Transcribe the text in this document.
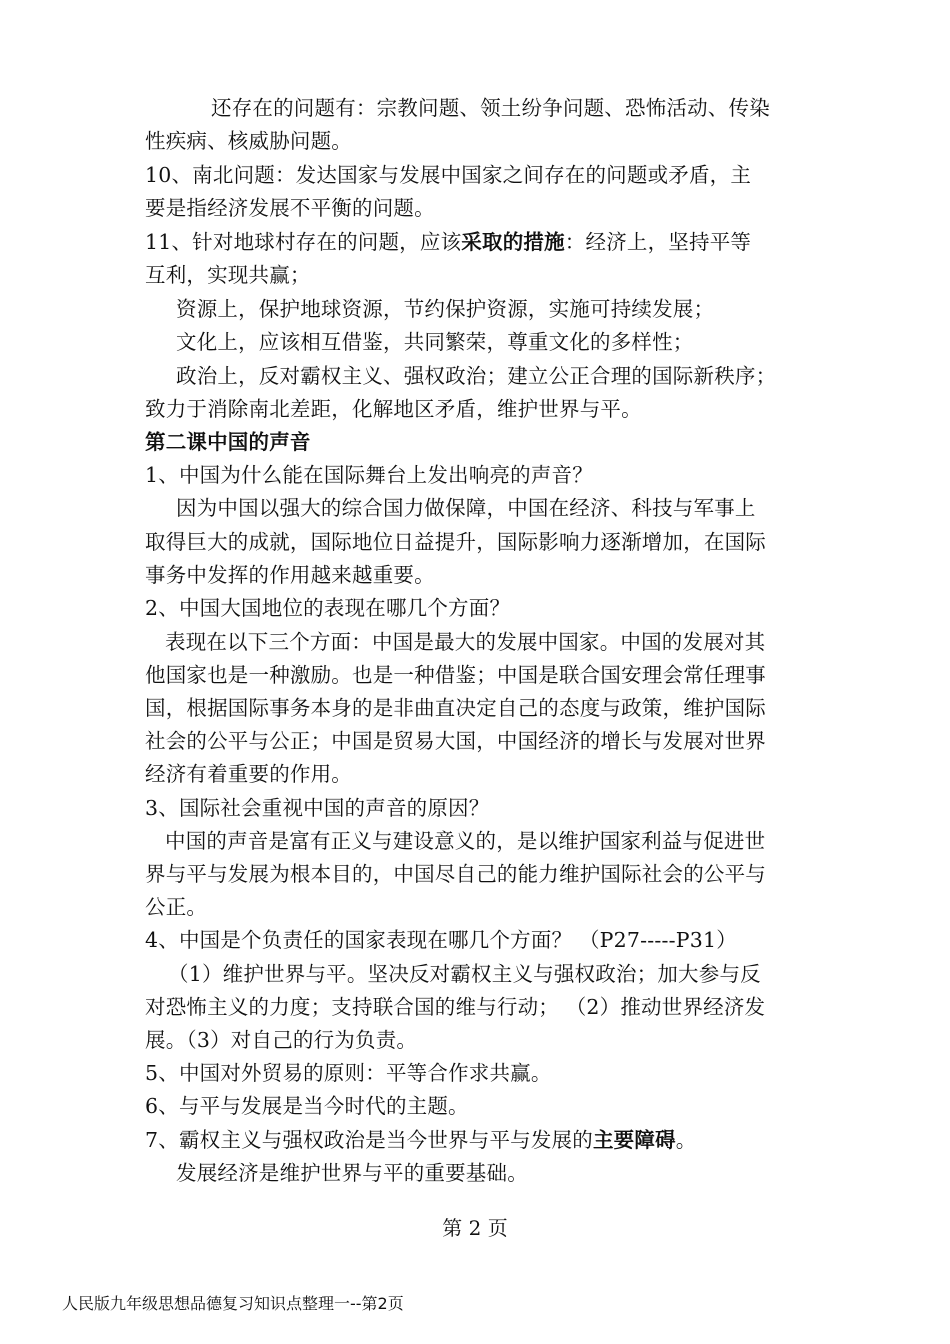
还存在的问题有：宗教问题、领土纷争问题、恐怖活动、传染
性疾病、核威胁问题。
10、南北问题：发达国家与发展中国家之间存在的问题或矛盾，主
要是指经济发展不平衡的问题。
11、针对地球村存在的问题，应该采取的措施：经济上，坚持平等
互利，实现共赢；
资源上，保护地球资源，节约保护资源，实施可持续发展；
文化上，应该相互借鉴，共同繁荣，尊重文化的多样性；
政治上，反对霸权主义、强权政治；建立公正合理的国际新秩序；
致力于消除南北差距，化解地区矛盾，维护世界与平。
第二课中国的声音
1、中国为什么能在国际舞台上发出响亮的声音？
因为中国以强大的综合国力做保障，中国在经济、科技与军事上
取得巨大的成就，国际地位日益提升，国际影响力逐渐增加，在国际
事务中发挥的作用越来越重要。
2、中国大国地位的表现在哪几个方面？
表现在以下三个方面：中国是最大的发展中国家。中国的发展对其
他国家也是一种激励。也是一种借鉴；中国是联合国安理会常任理事
国，根据国际事务本身的是非曲直决定自己的态度与政策，维护国际
社会的公平与公正；中国是贸易大国，中国经济的增长与发展对世界
经济有着重要的作用。
3、国际社会重视中国的声音的原因？
中国的声音是富有正义与建设意义的，是以维护国家利益与促进世
界与平与发展为根本目的，中国尽自己的能力维护国际社会的公平与
公正。
4、中国是个负责任的国家表现在哪几个方面？ （P27-----P31）
（1）维护世界与平。坚决反对霸权主义与强权政治；加大参与反
对恐怖主义的力度；支持联合国的维与行动； （2）推动世界经济发
展。（3）对自己的行为负责。
5、中国对外贸易的原则：平等合作求共赢。
6、与平与发展是当今时代的主题。
7、霸权主义与强权政治是当今世界与平与发展的主要障碍。
发展经济是维护世界与平的重要基础。
第 2 页
人民版九年级思想品德复习知识点整理一--第2页
